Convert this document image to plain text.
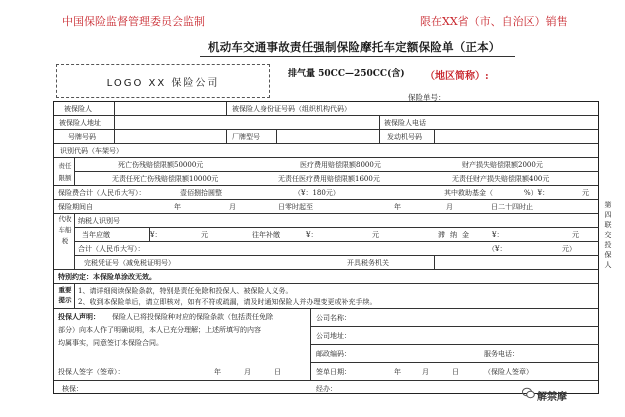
中国保险监督管理委员会监制	限在XX省（市、自治区）销售
机动车交通事故责任强制保险摩托车定额保险单（正本）
LOGO XX 保险公司
排气量 50CC—250CC(含) （地区简称）:
保险单号：
被保险人	被保险人身份证号码（组织机构代码）
被保险人地址	被保险人电话
号牌号码	厂牌型号	发动机号码
识别代码（车架号）
责任限额
死亡伤残赔偿限额50000元	医疗费用赔偿限额8000元	财产损失赔偿限额2000元
无责任死亡伤残赔偿限额10000元	无责任医疗费用赔偿限额1600元	无责任财产损失赔偿限额400元
保险费合计（人民币大写）：	壹佰捌拾圆整	（¥：180元）	其中救助基金（	%）¥：	元
保险期间自	年	月	日零时起至	年	月	日二十四时止
代收车船税
纳税人识别号
当年应缴	¥：	元	往年补缴	¥：	元	滞纳金	¥：	元
合计（人民币大写）：	（¥：	元）
完税凭证号（减免税证明号）	开具税务机关
特别约定：本保险单涂改无效。
重要提示
1、请详细阅读保险条款，特别是责任免除和投保人、被保险人义务。
2、收到本保险单后，请立即核对，如有不符或疏漏，请及时通知保险人并办理变更或补充手续。
投保人声明： 保险人已将投保险种对应的保险条款（包括责任免除
部分）向本人作了明确说明，本人已充分理解；上述所填写的内容
均属事实，同意签订本保险合同。
投保人签字（签章）：	年	月	日
公司名称：
公司地址：
邮政编码：	服务电话：
签单日期：	年	月	日	（保险人签章）
核保：	经办：
第四联 交投保人
解禁摩
